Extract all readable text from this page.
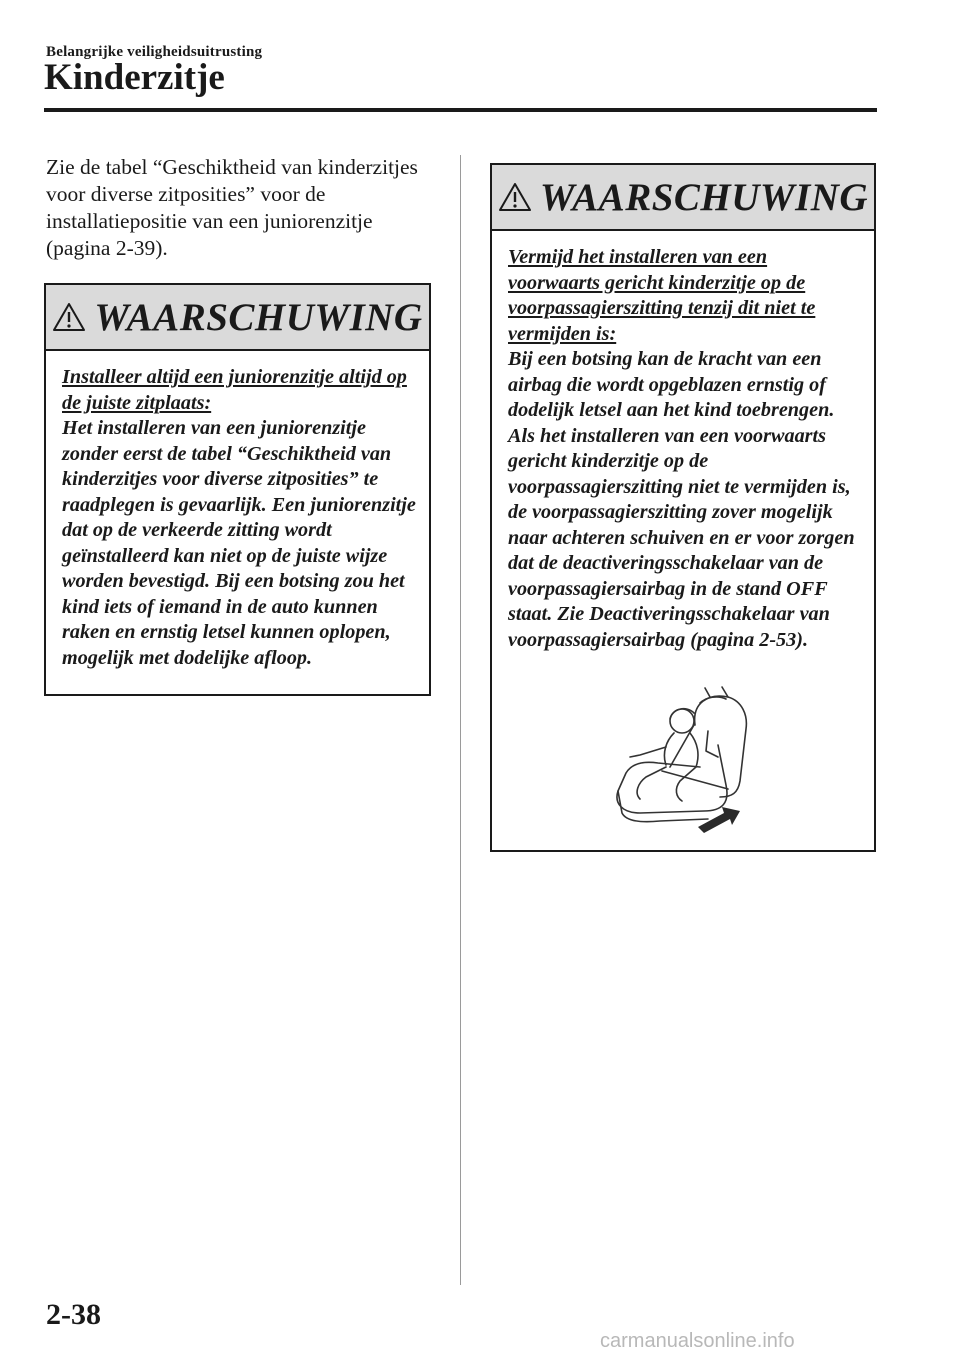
Belangrijke veiligheidsuitrusting
Kinderzitje

Zie de tabel “Geschiktheid van kinderzitjes voor diverse zitposities” voor de installatiepositie van een juniorenzitje (pagina 2-39).

WAARSCHUWING
Installeer altijd een juniorenzitje altijd op de juiste zitplaats:
Het installeren van een juniorenzitje zonder eerst de tabel “Geschiktheid van kinderzitjes voor diverse zitposities” te raadplegen is gevaarlijk. Een juniorenzitje dat op de verkeerde zitting wordt geïnstalleerd kan niet op de juiste wijze worden bevestigd. Bij een botsing zou het kind iets of iemand in de auto kunnen raken en ernstig letsel kunnen oplopen, mogelijk met dodelijke afloop.
WAARSCHUWING
Vermijd het installeren van een voorwaarts gericht kinderzitje op de voorpassagierszitting tenzij dit niet te vermijden is:
Bij een botsing kan de kracht van een airbag die wordt opgeblazen ernstig of dodelijk letsel aan het kind toebrengen. Als het installeren van een voorwaarts gericht kinderzitje op de voorpassagierszitting niet te vermijden is, de voorpassagierszitting zover mogelijk naar achteren schuiven en er voor zorgen dat de deactiveringsschakelaar van de voorpassagiersairbag in de stand OFF staat. Zie Deactiveringsschakelaar van voorpassagiersairbag (pagina 2-53).
2-38
carmanualsonline.info
